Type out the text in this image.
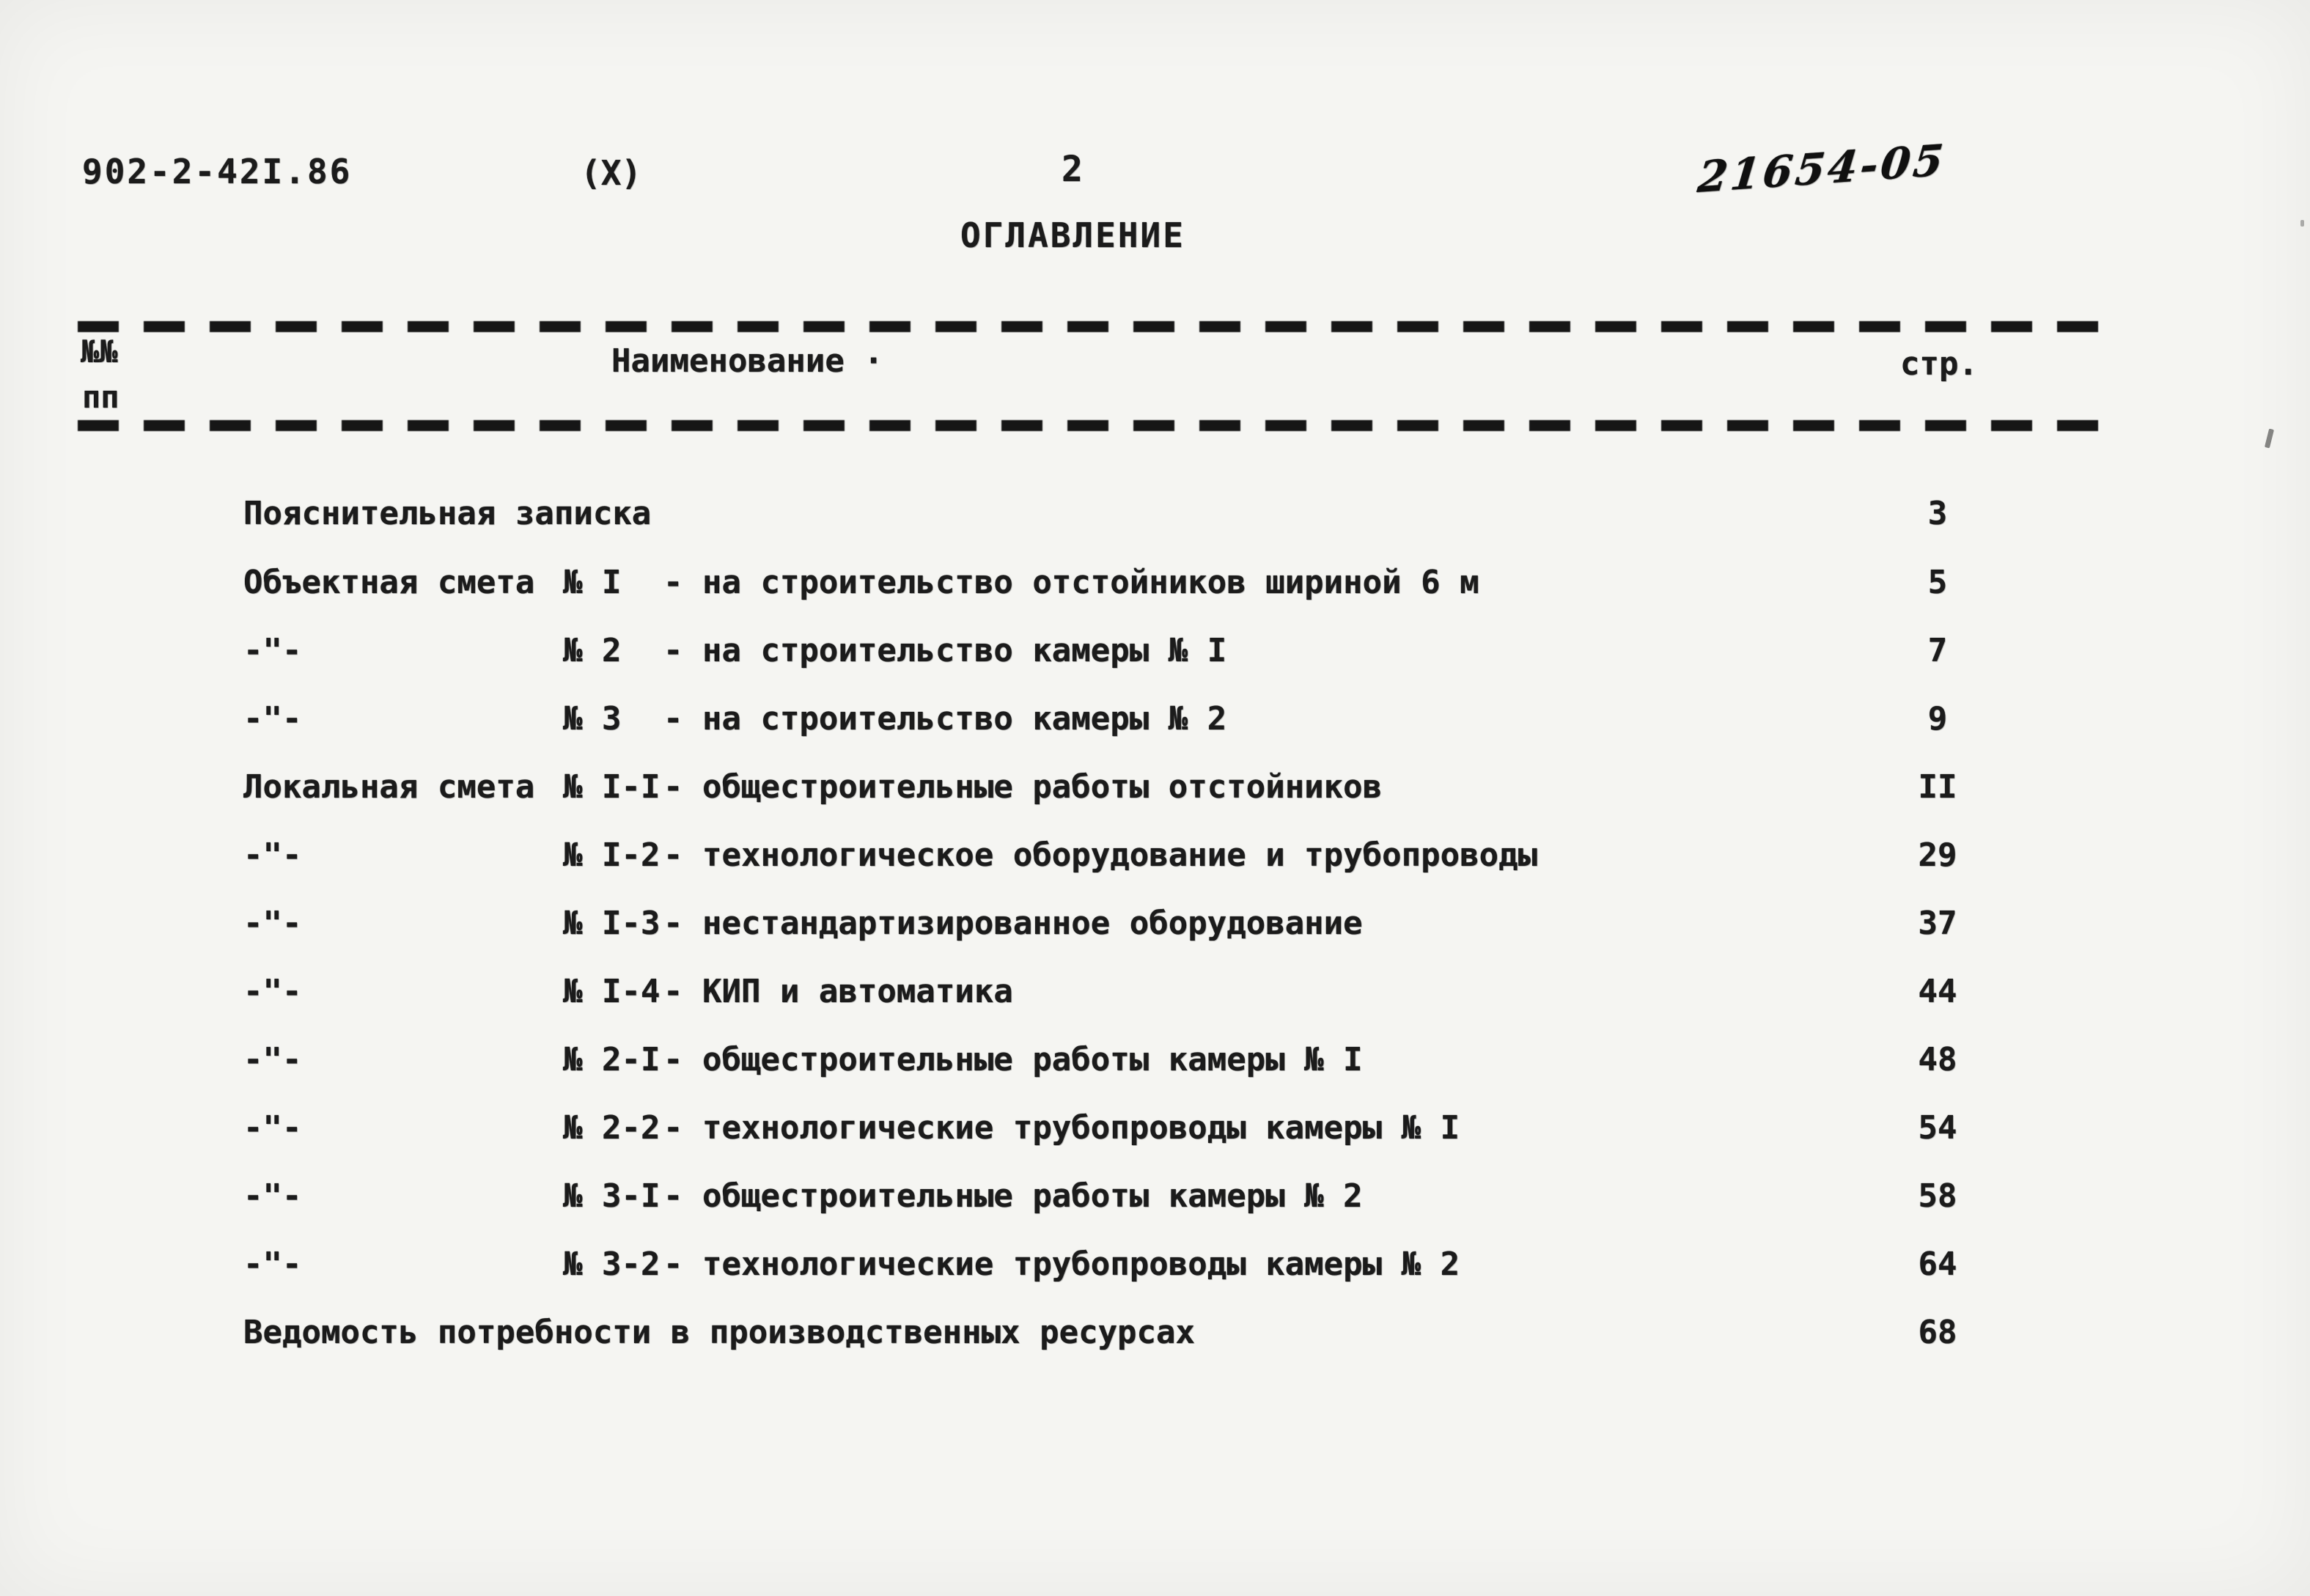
902-2-42I.86	(X)	2	21654-05
ОГЛАВЛЕНИЕ
№№
пп
Наименование ·	стр.
Пояснительная записка	3
Объектная смета № I - на строительство отстойников шириной 6 м	5
-"-	№ 2 - на строительство камеры № I	7
-"-	№ 3 - на строительство камеры № 2	9
Локальная смета № I-I - общестроительные работы отстойников	II
-"-	№ I-2 - технологическое оборудование и трубопроводы	29
-"-	№ I-3 - нестандартизированное оборудование	37
-"-	№ I-4 - КИП и автоматика	44
-"-	№ 2-I - общестроительные работы камеры № I	48
-"-	№ 2-2 - технологические трубопроводы камеры № I	54
-"-	№ 3-I - общестроительные работы камеры № 2	58
-"-	№ 3-2 - технологические трубопроводы камеры № 2	64
Ведомость потребности в производственных ресурсах	68
